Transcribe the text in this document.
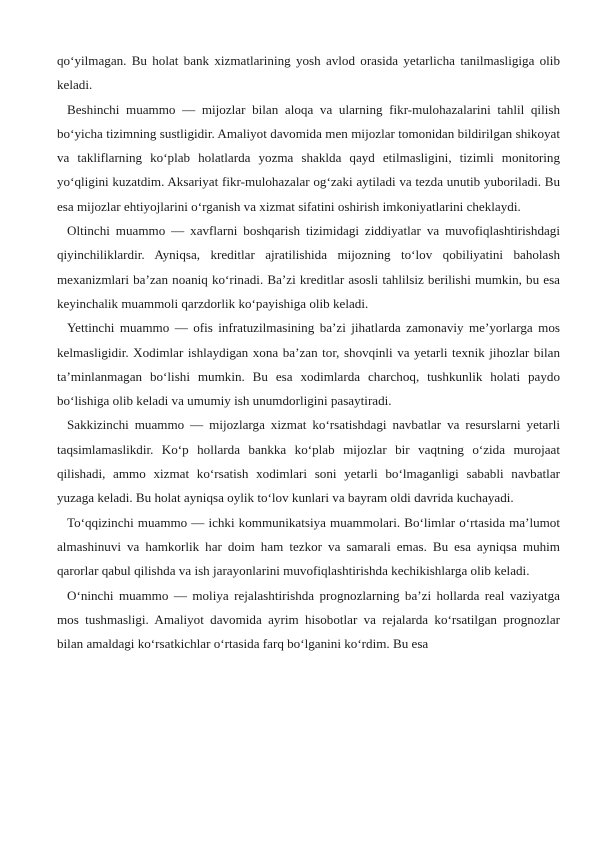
qo‘yilmagan. Bu holat bank xizmatlarining yosh avlod orasida yetarlicha tanilmasligiga olib keladi.

Beshinchi muammo — mijozlar bilan aloqa va ularning fikr-mulohazalarini tahlil qilish bo‘yicha tizimning sustligidir. Amaliyot davomida men mijozlar tomonidan bildirilgan shikoyat va takliflarning ko‘plab holatlarda yozma shaklda qayd etilmasligini, tizimli monitoring yo‘qligini kuzatdim. Aksariyat fikr-mulohazalar og‘zaki aytiladi va tezda unutib yuboriladi. Bu esa mijozlar ehtiyojlarini o‘rganish va xizmat sifatini oshirish imkoniyatlarini cheklaydi.

Oltinchi muammo — xavflarni boshqarish tizimidagi ziddiyatlar va muvofiqlashtirishdagi qiyinchiliklardir. Ayniqsa, kreditlar ajratilishida mijozning to‘lov qobiliyatini baholash mexanizmlari ba’zan noaniq ko‘rinadi. Ba’zi kreditlar asosli tahlilsiz berilishi mumkin, bu esa keyinchalik muammoli qarzdorlik ko‘payishiga olib keladi.

Yettinchi muammo — ofis infratuzilmasining ba’zi jihatlarda zamonaviy me’yorlarga mos kelmasligidir. Xodimlar ishlaydigan xona ba’zan tor, shovqinli va yetarli texnik jihozlar bilan ta’minlanmagan bo‘lishi mumkin. Bu esa xodimlarda charchoq, tushkunlik holati paydo bo‘lishiga olib keladi va umumiy ish unumdorligini pasaytiradi.

Sakkizinchi muammo — mijozlarga xizmat ko‘rsatishdagi navbatlar va resurslarni yetarli taqsimlamaslikdir. Ko‘p hollarda bankka ko‘plab mijozlar bir vaqtning o‘zida murojaat qilishadi, ammo xizmat ko‘rsatish xodimlari soni yetarli bo‘lmaganligi sababli navbatlar yuzaga keladi. Bu holat ayniqsa oylik to‘lov kunlari va bayram oldi davrida kuchayadi.

To‘qqizinchi muammo — ichki kommunikatsiya muammolari. Bo‘limlar o‘rtasida ma’lumot almashinuvi va hamkorlik har doim ham tezkor va samarali emas. Bu esa ayniqsa muhim qarorlar qabul qilishda va ish jarayonlarini muvofiqlashtirishda kechikishlarga olib keladi.

O‘ninchi muammo — moliya rejalashtirishda prognozlarning ba’zi hollarda real vaziyatga mos tushmasligi. Amaliyot davomida ayrim hisobotlar va rejalarda ko‘rsatilgan prognozlar bilan amaldagi ko‘rsatkichlar o‘rtasida farq bo‘lganini ko‘rdim. Bu esa
